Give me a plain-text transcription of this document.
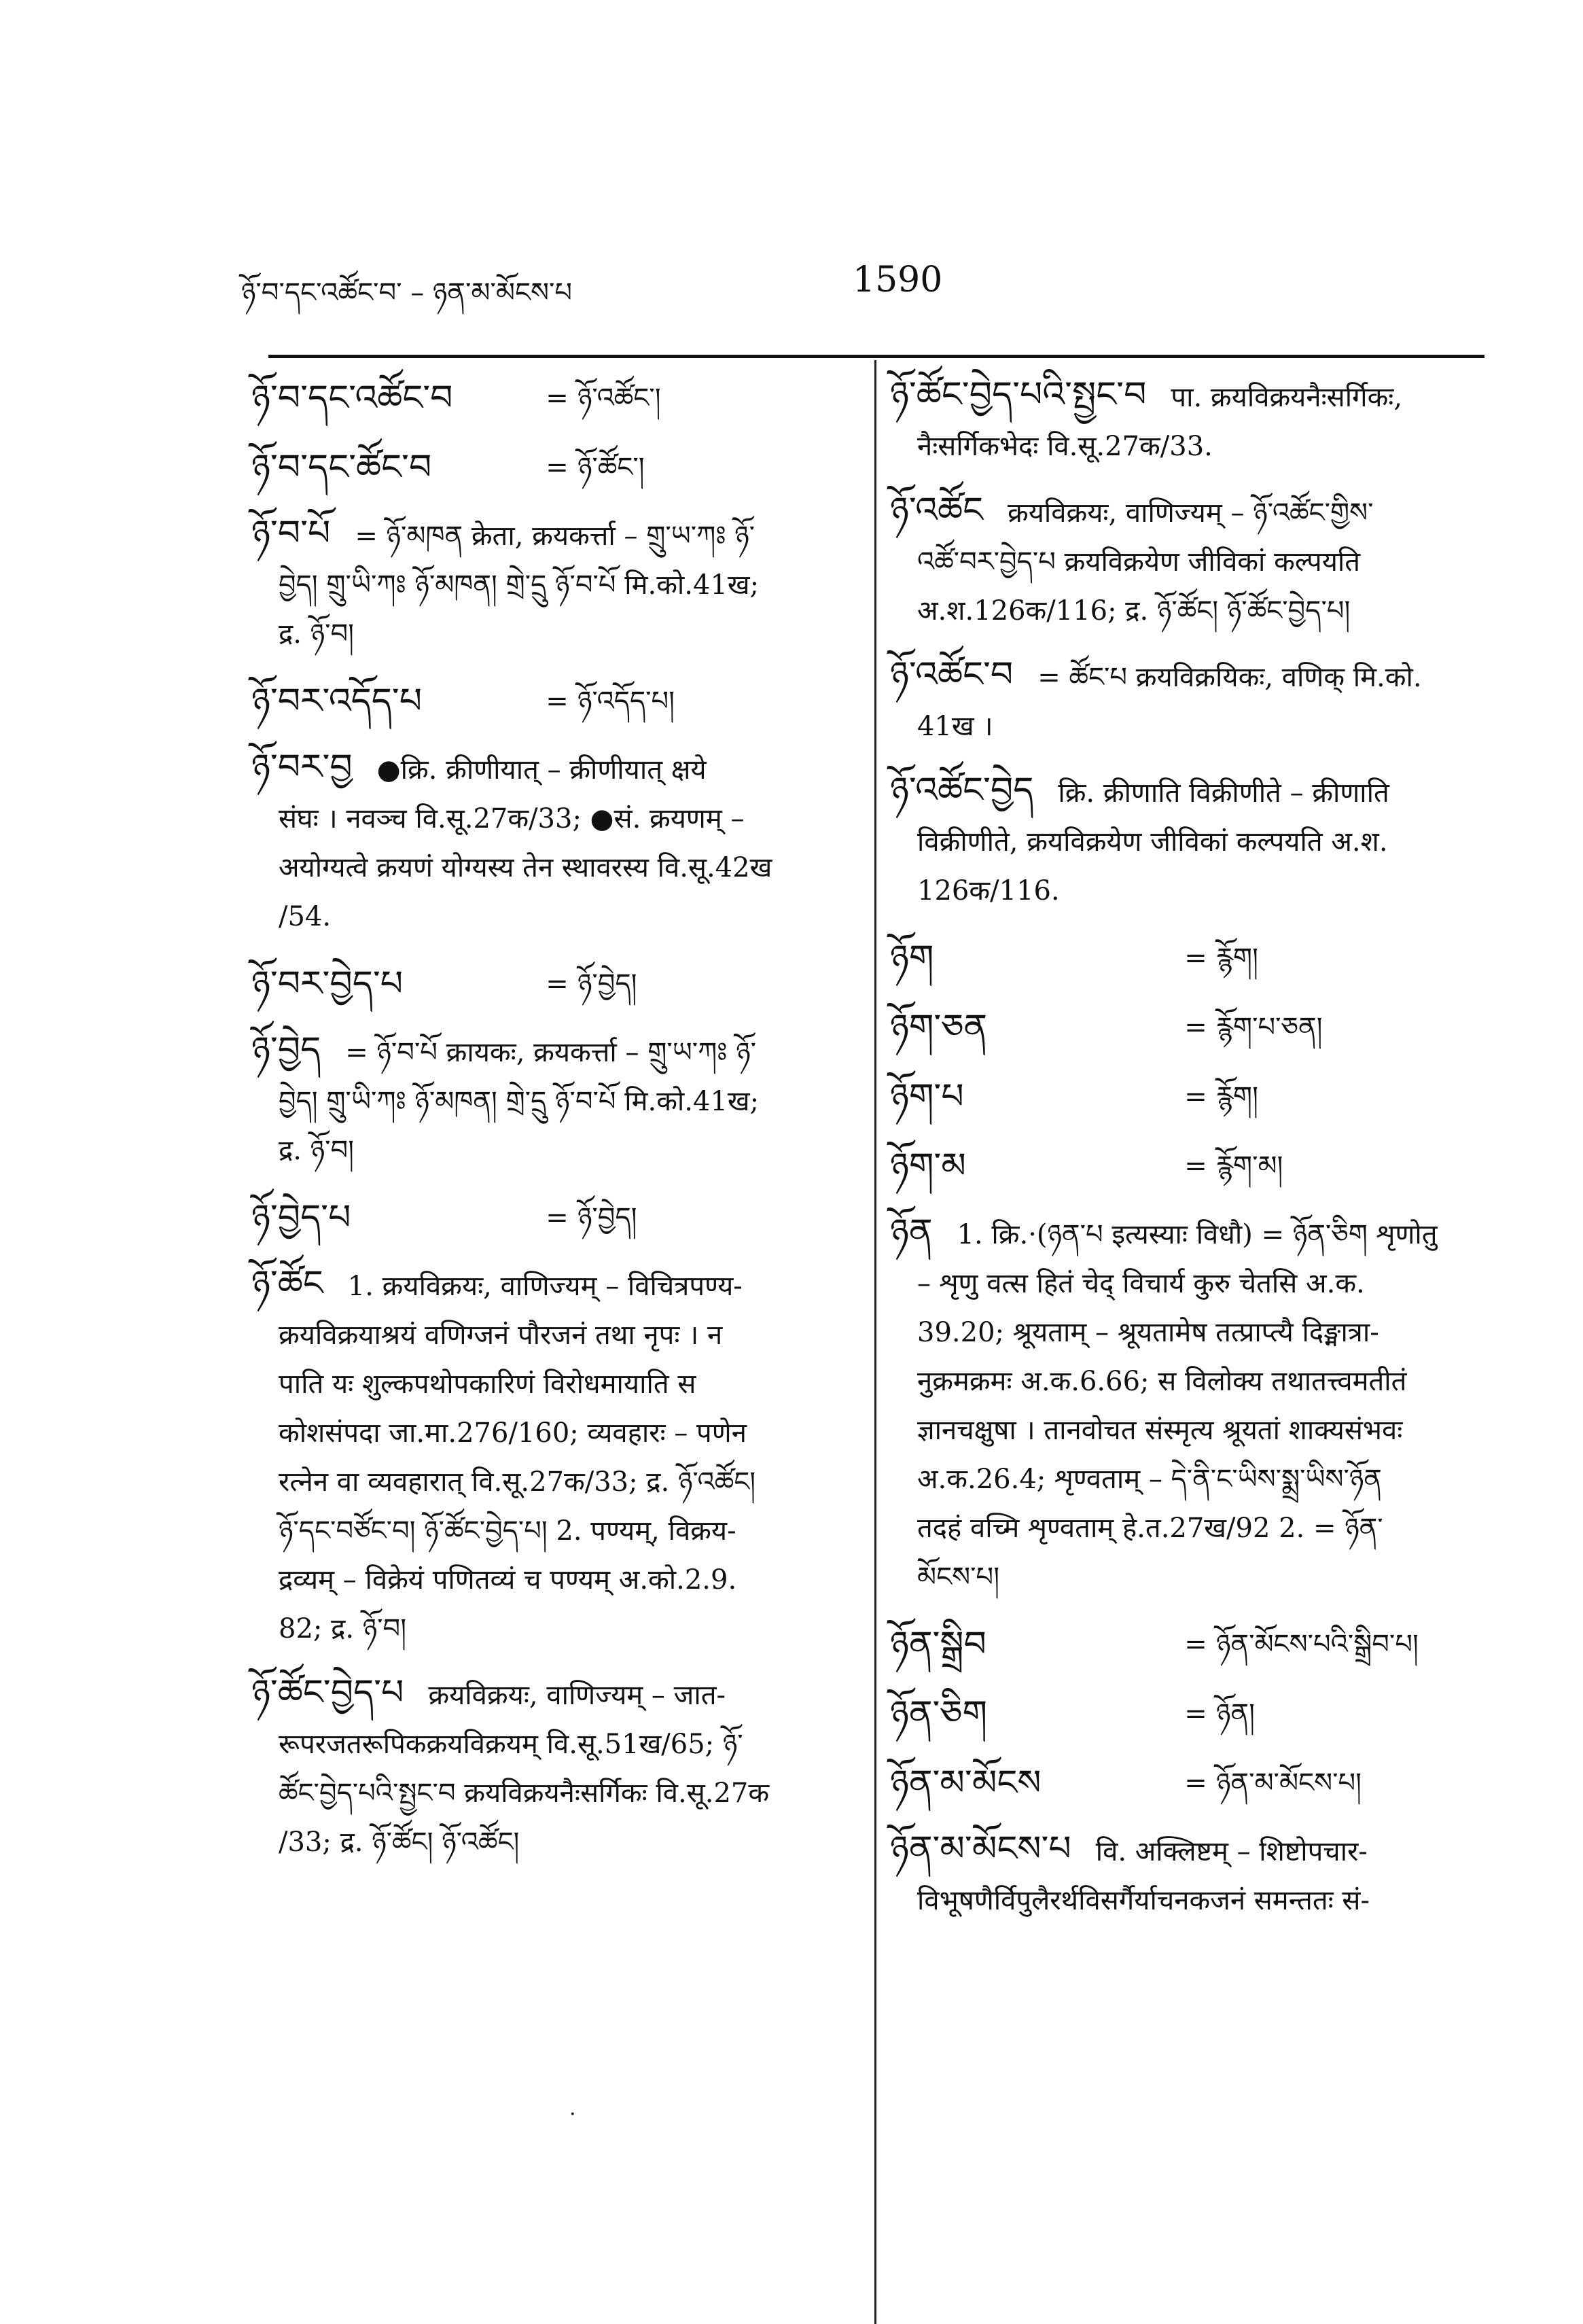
ཉོ་བ་དང་འཚོང་བ་ – ཉན་མ་མོངས་པ	1590
ཉོ་བ་དང་འཚོང་བ	= ཉོ་འཚོང་།
ཉོ་བ་དང་ཚོང་བ	= ཉོ་ཚོང་།

ཉོ་བ་པོ = ཉོ་མཁན क्रेता, क्रयकर्त्ता – གྲུ་ཡ་ཀཿ ཉོ་

བྱེད། གྲུ་ཡི་ཀཿ ཉོ་མཁན། གྲེ་དྲུ ཉོ་བ་པོ मि.को.41ख;

द्र. ཉོ་བ།

ཉོ་བར་འདོད་པ	= ཉོ་འདོད་པ།

ཉོ་བར་བྱ ●क्रि. क्रीणीयात् – क्रीणीयात् क्षये

संघः । नवञ्च वि.सू.27क/33; ●सं. क्रयणम् –

अयोग्यत्वे क्रयणं योग्यस्य तेन स्थावरस्य वि.सू.42ख

/54.

ཉོ་བར་བྱེད་པ	= ཉོ་བྱེད།

ཉོ་བྱེད = ཉོ་བ་པོ क्रायकः, क्रयकर्त्ता – གྲུ་ཡ་ཀཿ ཉོ་

བྱེད། གྲུ་ཡི་ཀཿ ཉོ་མཁན། གྲེ་དྲུ ཉོ་བ་པོ मि.को.41ख;

द्र. ཉོ་བ།

ཉོ་བྱེད་པ	= ཉོ་བྱེད།

ཉོ་ཚོང 1. क्रयविक्रयः, वाणिज्यम् – विचित्रपण्य-

क्रयविक्रयाश्रयं वणिग्जनं पौरजनं तथा नृपः । न

पाति यः शुल्कपथोपकारिणं विरोधमायाति स

कोशसंपदा जा.मा.276/160; व्यवहारः – पणेन

रत्नेन वा व्यवहारात् वि.सू.27क/33; द्र. ཉོ་འཚོང།

ཉོ་དང་བཙོང་བ། ཉོ་ཚོང་བྱེད་པ། 2. पण्यम्, विक्रय-

द्रव्यम् – विक्रेयं पणितव्यं च पण्यम् अ.को.2.9.

82; द्र. ཉོ་བ།

ཉོ་ཚོང་བྱེད་པ क्रयविक्रयः, वाणिज्यम् – जात-

रूपरजतरूपिकक्रयविक्रयम् वि.सू.51ख/65; ཉོ་

ཚོང་བྱེད་པའི་སྤྱང་བ क्रयविक्रयनैःसर्गिकः वि.सू.27क

/33; द्र. ཉོ་ཚོང། ཉོ་འཚོང།

ཉོ་ཚོང་བྱེད་པའི་སྤྱང་བ पा. क्रयविक्रयनैःसर्गिकः,

नैःसर्गिकभेदः वि.सू.27क/33.

ཉོ་འཚོང क्रयविक्रयः, वाणिज्यम् – ཉོ་འཚོང་གྱིས་

འཚོ་བར་བྱེད་པ क्रयविक्रयेण जीविकां कल्पयति

अ.श.126क/116; द्र. ཉོ་ཚོང། ཉོ་ཚོང་བྱེད་པ།

ཉོ་འཚོང་བ = ཚོང་པ क्रयविक्रयिकः, वणिक् मि.को.

41ख ।

ཉོ་འཚོང་བྱེད क्रि. क्रीणाति विक्रीणीते – क्रीणाति

विक्रीणीते, क्रयविक्रयेण जीविकां कल्पयति अ.श.

126क/116.

ཉོག	= རྙོག།
ཉོག་ཅན	= རྙོག་པ་ཅན།
ཉོག་པ	= རྙོག།
ཉོག་མ	= རྙོག་མ།

ཉོན 1. क्रि.·(ཉན་པ इत्यस्याः विधौ) = ཉོན་ཅིག शृणोतु

– शृणु वत्स हितं चेद् विचार्य कुरु चेतसि अ.क.

39.20; श्रूयताम् – श्रूयतामेष तत्प्राप्त्यै दिङ्मात्रा-

नुक्रमक्रमः अ.क.6.66; स विलोक्य तथातत्त्वमतीतं

ज्ञानचक्षुषा । तानवोचत संस्मृत्य श्रूयतां शाक्यसंभवः

अ.क.26.4; शृण्वताम् – དེ་ནི་ང་ཡིས་སྨྲ་ཡིས་ཉོན

तदहं वच्मि शृण्वताम् हे.त.27ख/92 2. = ཉོན་

མོངས་པ།

ཉོན་སྒྲིབ	= ཉོན་མོངས་པའི་སྒྲིབ་པ།
ཉོན་ཅིག	= ཉོན།
ཉོན་མ་མོངས	= ཉོན་མ་མོངས་པ།

ཉོན་མ་མོངས་པ वि. अक्लिष्टम् – शिष्टोपचार-

विभूषणैर्विपुलैरर्थविसर्गैर्याचनकजनं समन्ततः सं-

.
